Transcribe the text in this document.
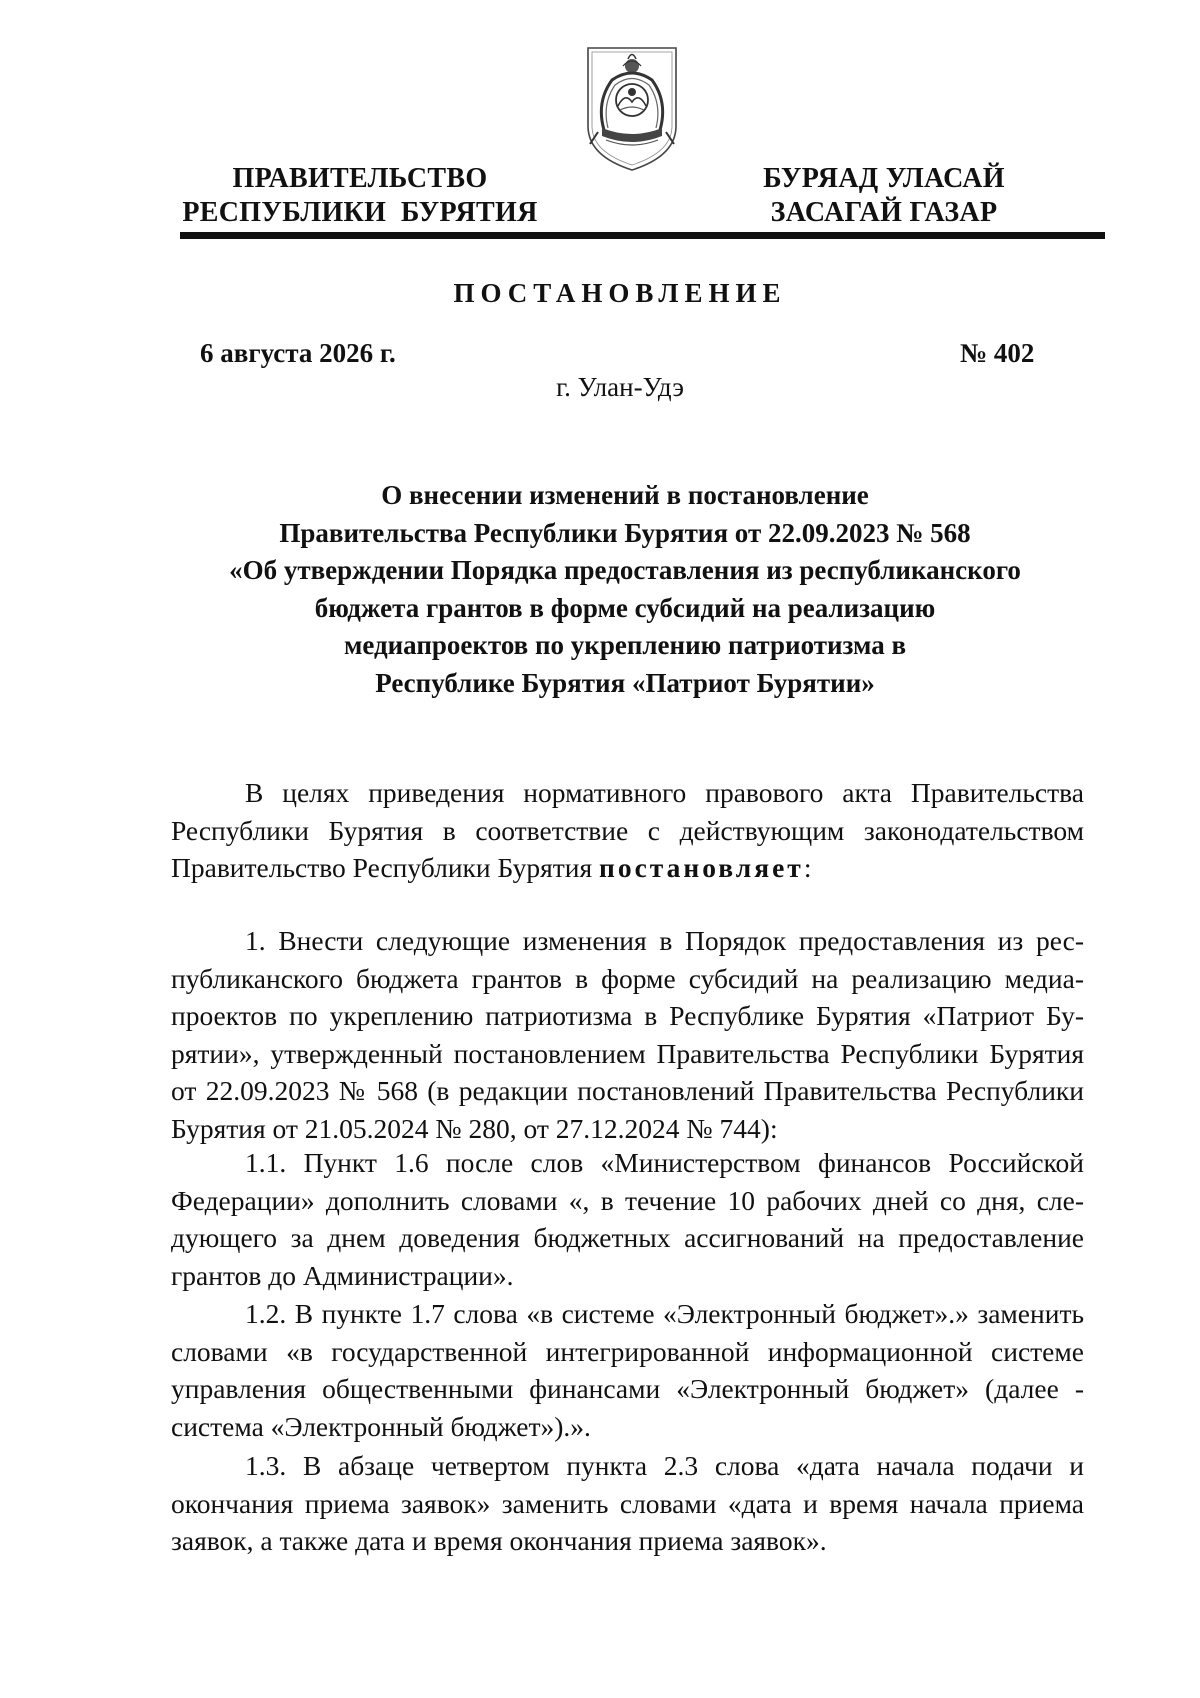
ПРАВИТЕЛЬСТВО
РЕСПУБЛИКИ  БУРЯТИЯ
БУРЯАД УЛАСАЙ
ЗАСАГАЙ ГАЗАР
ПОСТАНОВЛЕНИЕ
6 августа 2026 г.	№ 402
г. Улан-Удэ
О внесении изменений в постановление
Правительства Республики Бурятия от 22.09.2023 № 568
«Об утверждении Порядка предоставления из республиканского
бюджета грантов в форме субсидий на реализацию
медиапроектов по укреплению патриотизма в
Республике Бурятия «Патриот Бурятии»

В целях приведения нормативного правового акта Правительства Республики Бурятия в соответствие с действующим законодательством Правительство Республики Бурятия постановляет:

1. Внести следующие изменения в Порядок предоставления из республиканского бюджета грантов в форме субсидий на реализацию медиапроектов по укреплению патриотизма в Республике Бурятия «Патриот Бурятии», утвержденный постановлением Правительства Республики Бурятия от 22.09.2023 № 568 (в редакции постановлений Правительства Республики Бурятия от 21.05.2024 № 280, от 27.12.2024 № 744):

1.1. Пункт 1.6 после слов «Министерством финансов Российской Федерации» дополнить словами «, в течение 10 рабочих дней со дня, следующего за днем доведения бюджетных ассигнований на предоставление грантов до Администрации».

1.2. В пункте 1.7 слова «в системе «Электронный бюджет».» заменить словами «в государственной интегрированной информационной системе управления общественными финансами «Электронный бюджет» (далее - система «Электронный бюджет»).».

1.3. В абзаце четвертом пункта 2.3 слова «дата начала подачи и окончания приема заявок» заменить словами «дата и время начала приема заявок, а также дата и время окончания приема заявок».
